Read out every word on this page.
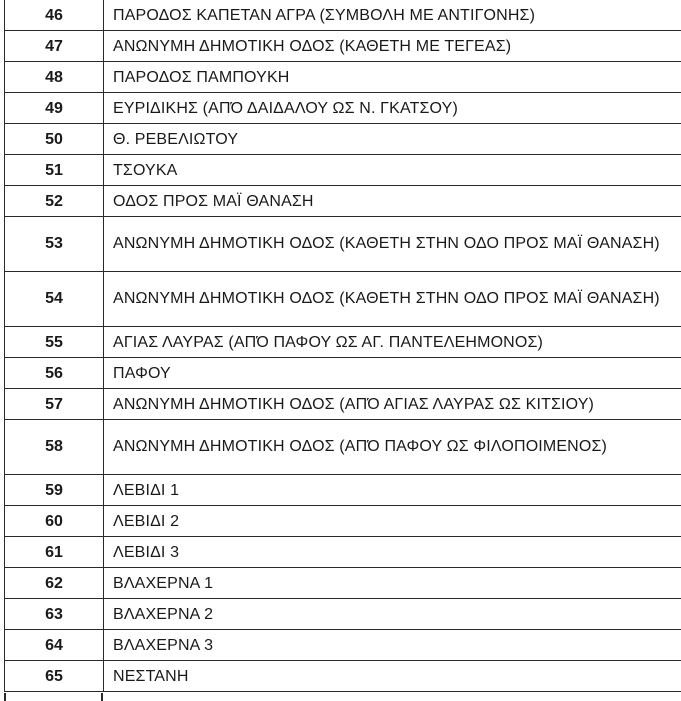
46	ΠΑΡΟΔΟΣ ΚΑΠΕΤΑΝ ΑΓΡΑ (ΣΥΜΒΟΛΗ ΜΕ ΑΝΤΙΓΟΝΗΣ)
47	ΑΝΩΝΥΜΗ ΔΗΜΟΤΙΚΗ ΟΔΟΣ (ΚΑΘΕΤΗ ΜΕ ΤΕΓΕΑΣ)
48	ΠΑΡΟΔΟΣ ΠΑΜΠΟΥΚΗ
49	ΕΥΡΙΔΙΚΗΣ (ΑΠΌ ΔΑΙΔΑΛΟΥ ΩΣ Ν. ΓΚΑΤΣΟΥ)
50	Θ. ΡΕΒΕΛΙΩΤΟΥ
51	ΤΣΟΥΚΑ
52	ΟΔΟΣ ΠΡΟΣ ΜΑΪ ΘΑΝΑΣΗ
53	ΑΝΩΝΥΜΗ ΔΗΜΟΤΙΚΗ ΟΔΟΣ (ΚΑΘΕΤΗ ΣΤΗΝ ΟΔΟ ΠΡΟΣ ΜΑΪ ΘΑΝΑΣΗ)
54	ΑΝΩΝΥΜΗ ΔΗΜΟΤΙΚΗ ΟΔΟΣ (ΚΑΘΕΤΗ ΣΤΗΝ ΟΔΟ ΠΡΟΣ ΜΑΪ ΘΑΝΑΣΗ)
55	ΑΓΙΑΣ ΛΑΥΡΑΣ (ΑΠΌ ΠΑΦΟΥ ΩΣ ΑΓ. ΠΑΝΤΕΛΕΗΜΟΝΟΣ)
56	ΠΑΦΟΥ
57	ΑΝΩΝΥΜΗ ΔΗΜΟΤΙΚΗ ΟΔΟΣ (ΑΠΌ ΑΓΙΑΣ ΛΑΥΡΑΣ ΩΣ ΚΙΤΣΙΟΥ)
58	ΑΝΩΝΥΜΗ ΔΗΜΟΤΙΚΗ ΟΔΟΣ (ΑΠΌ ΠΑΦΟΥ ΩΣ ΦΙΛΟΠΟΙΜΕΝΟΣ)
59	ΛΕΒΙΔΙ 1
60	ΛΕΒΙΔΙ 2
61	ΛΕΒΙΔΙ 3
62	ΒΛΑΧΕΡΝΑ 1
63	ΒΛΑΧΕΡΝΑ 2
64	ΒΛΑΧΕΡΝΑ 3
65	ΝΕΣΤΑΝΗ
